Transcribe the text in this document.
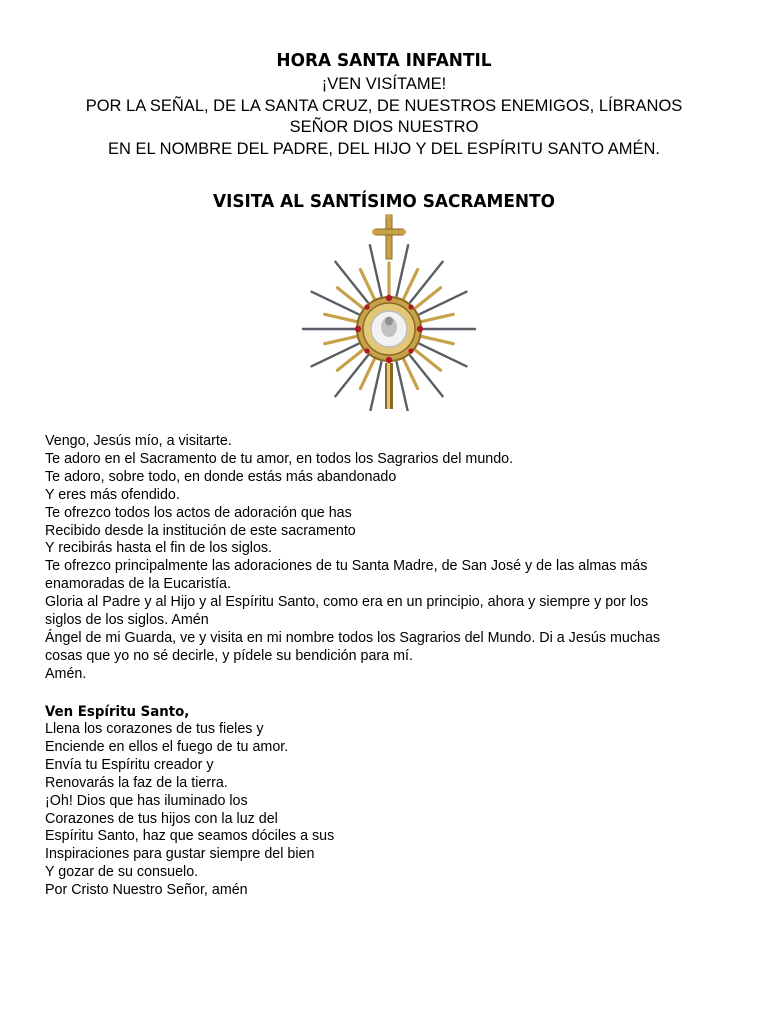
HORA SANTA INFANTIL

¡VEN VISÍTAME!

POR LA SEÑAL, DE LA SANTA CRUZ, DE NUESTROS ENEMIGOS, LÍBRANOS

SEÑOR DIOS NUESTRO

EN EL NOMBRE DEL PADRE, DEL HIJO Y DEL ESPÍRITU SANTO AMÉN.

VISITA AL SANTÍSIMO SACRAMENTO

Vengo, Jesús mío, a visitarte.

Te adoro en el Sacramento de tu amor, en todos los Sagrarios del mundo.

Te adoro, sobre todo, en donde estás más abandonado

Y eres más ofendido.

Te ofrezco todos los actos de adoración que has

Recibido desde la institución de este sacramento

Y recibirás hasta el fin de los siglos.

Te ofrezco principalmente las adoraciones de tu Santa Madre, de San José y de las almas más

enamoradas de la Eucaristía.

Gloria al Padre y al Hijo y al Espíritu Santo, como era en un principio, ahora y siempre y por los

siglos de los siglos. Amén

Ángel de mi Guarda, ve y visita en mi nombre todos los Sagrarios del Mundo. Di a Jesús muchas

cosas que yo no sé decirle, y pídele su bendición para mí.

Amén.

Ven Espíritu Santo,

Llena los corazones de tus fieles y

Enciende en ellos el fuego de tu amor.

Envía tu Espíritu creador y

Renovarás la faz de la tierra.

¡Oh! Dios que has iluminado los

Corazones de tus hijos con la luz del

Espíritu Santo, haz que seamos dóciles a sus

Inspiraciones para gustar siempre del bien

Y gozar de su consuelo.

Por Cristo Nuestro Señor, amén
